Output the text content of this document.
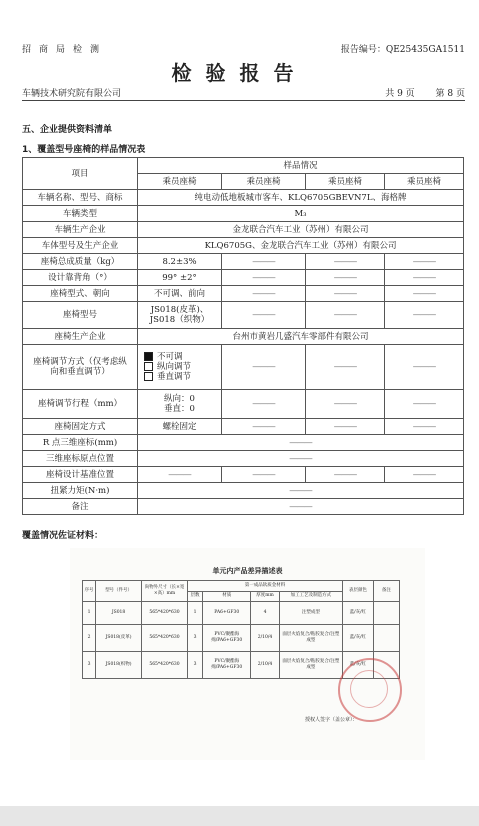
招商局检测	报告编号：QE25435GA1511
检验报告
车辆技术研究院有限公司	共 9 页 第 8 页
五、企业提供资料清单
1、覆盖型号座椅的样品情况表
项目	样品情况			
	乘员座椅	乘员座椅	乘员座椅	乘员座椅
车辆名称、型号、商标	纯电动低地板城市客车、KLQ6705GBEVN7L、海格牌			
车辆类型	M₃			
车辆生产企业	金龙联合汽车工业（苏州）有限公司			
车体型号及生产企业	KLQ6705G、金龙联合汽车工业（苏州）有限公司			
座椅总成质量（kg）	8.2±3%	———	———	———
设计靠背角（°）	99° ±2°	———	———	———
座椅型式、朝向	不可调、前向	———	———	———
座椅型号	JS018(皮革)、JS018（织物）	———	———	———
座椅生产企业	台州市黄岩几盛汽车零部件有限公司			
座椅调节方式（仅考虑纵向和垂直调节）	不可调
纵向调节
垂直调节	———	———	———
座椅调节行程（mm）	纵向：0
垂直：0	———	———	———
座椅固定方式	螺栓固定	———	———	———
R 点三维座标(mm)	———			
三维座标原点位置	———			
座椅设计基准位置	———	———	———	———
扭紧力矩(N·m)	———			
备注	———			
覆盖情况佐证材料：
单元内产品差异描述表
序号	型号（件号）	尚物外尺寸（长×宽×高）mm	第一成品软质金材料				表层颜色	备注
			层数	材质	厚度mm	加工工艺及制造方式		
1	JS018	565*420*630	1	PA6+GF30	4	注塑成型	蓝/灰/红	
2	JS018(皮革)	565*420*630	3	PVC/聚酯海绵/PA6+GF30	2/10/4	面层火焰复合/粘胶复合/注塑成型	蓝/灰/红	
3	JS018(织物)	565*420*630	3	PVC/聚酯海绵/PA6+GF30	2/10/4	面层火焰复合/粘胶复合/注塑成型	蓝/灰/红	
授权人签字（盖公章）：
